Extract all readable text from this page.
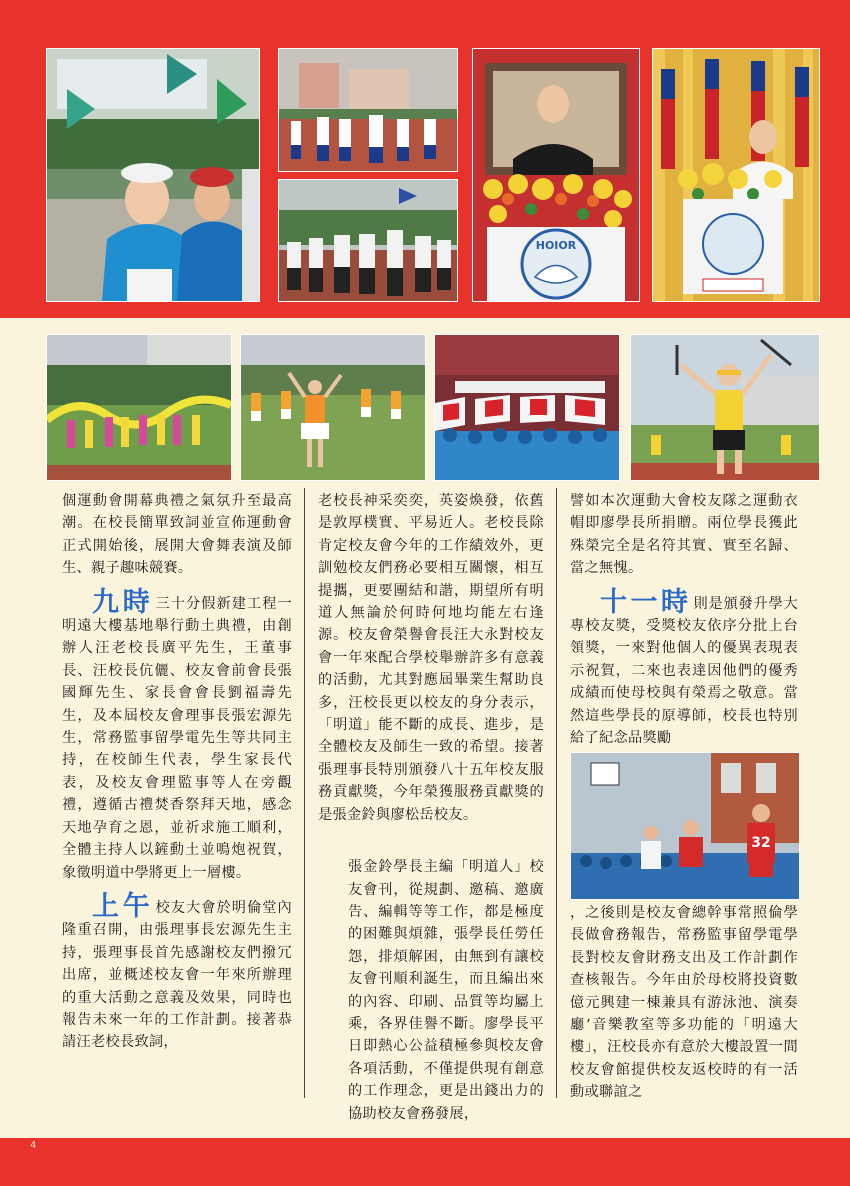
4
HOIOR

個運動會開幕典禮之氣氛升至最高潮。在校長簡單致詞並宣佈運動會正式開始後，展開大會舞表演及師生、親子趣味競賽。

九時 三十分假新建工程一明遠大樓基地舉行動土典禮，由創辦人汪老校長廣平先生，王董事長、汪校長伉儷、校友會前會長張國輝先生、家長會會長劉福壽先生，及本屆校友會理事長張宏源先生，常務監事留學電先生等共同主持，在校師生代表，學生家長代表，及校友會理監事等人在旁觀禮，遵循古禮焚香祭拜天地，感念天地孕育之恩，並祈求施工順利，全體主持人以鏟動土並鳴炮祝賀，象徵明道中學將更上一層樓。

上午 校友大會於明倫堂內隆重召開，由張理事長宏源先生主持，張理事長首先感謝校友們撥冗出席，並概述校友會一年來所辦理的重大活動之意義及效果，同時也報告未來一年的工作計劃。接著恭請汪老校長致詞，

老校長神采奕奕，英姿煥發，依舊是敦厚樸實、平易近人。老校長除肯定校友會今年的工作績效外，更訓勉校友們務必要相互關懷，相互提攜，更要團結和諧，期望所有明道人無論於何時何地均能左右逢源。校友會榮譽會長汪大永對校友會一年來配合學校舉辦許多有意義的活動，尤其對應屆畢業生幫助良多，汪校長更以校友的身分表示，「明道」能不斷的成長、進步，是全體校友及師生一致的希望。接著張理事長特別頒發八十五年校友服務貢獻獎，今年榮獲服務貢獻獎的是張金鈴與廖松岳校友。

張金鈴學長主編「明道人」校友會刊，從規劃、邀稿、邀廣告、編輯等等工作，都是極度的困難與煩雜，張學長任勞任怨，排煩解困，由無到有讓校友會刊順利誕生，而且編出來的內容、印刷、品質等均屬上乘，各界佳譽不斷。廖學長平日即熱心公益積極參與校友會各項活動，不僅提供現有創意的工作理念，更是出錢出力的協助校友會務發展，

譬如本次運動大會校友隊之運動衣帽即廖學長所捐贈。兩位學長獲此殊榮完全是名符其實、實至名歸、當之無愧。

十一時 則是頒發升學大專校友獎，受獎校友依序分批上台領獎，一來對他個人的優異表現表示祝賀，二來也表達因他們的優秀成績而使母校與有榮焉之敬意。當然這些學長的原導師，校長也特別給了紀念品獎勵

32

，之後則是校友會總幹事常照倫學長做會務報告，常務監事留學電學長對校友會財務支出及工作計劃作查核報告。今年由於母校將投資數億元興建一棟兼具有游泳池、演奏廳‘音樂教室等多功能的「明遠大樓」，汪校長亦有意於大樓設置一間校友會館提供校友返校時的有一活動或聯誼之
